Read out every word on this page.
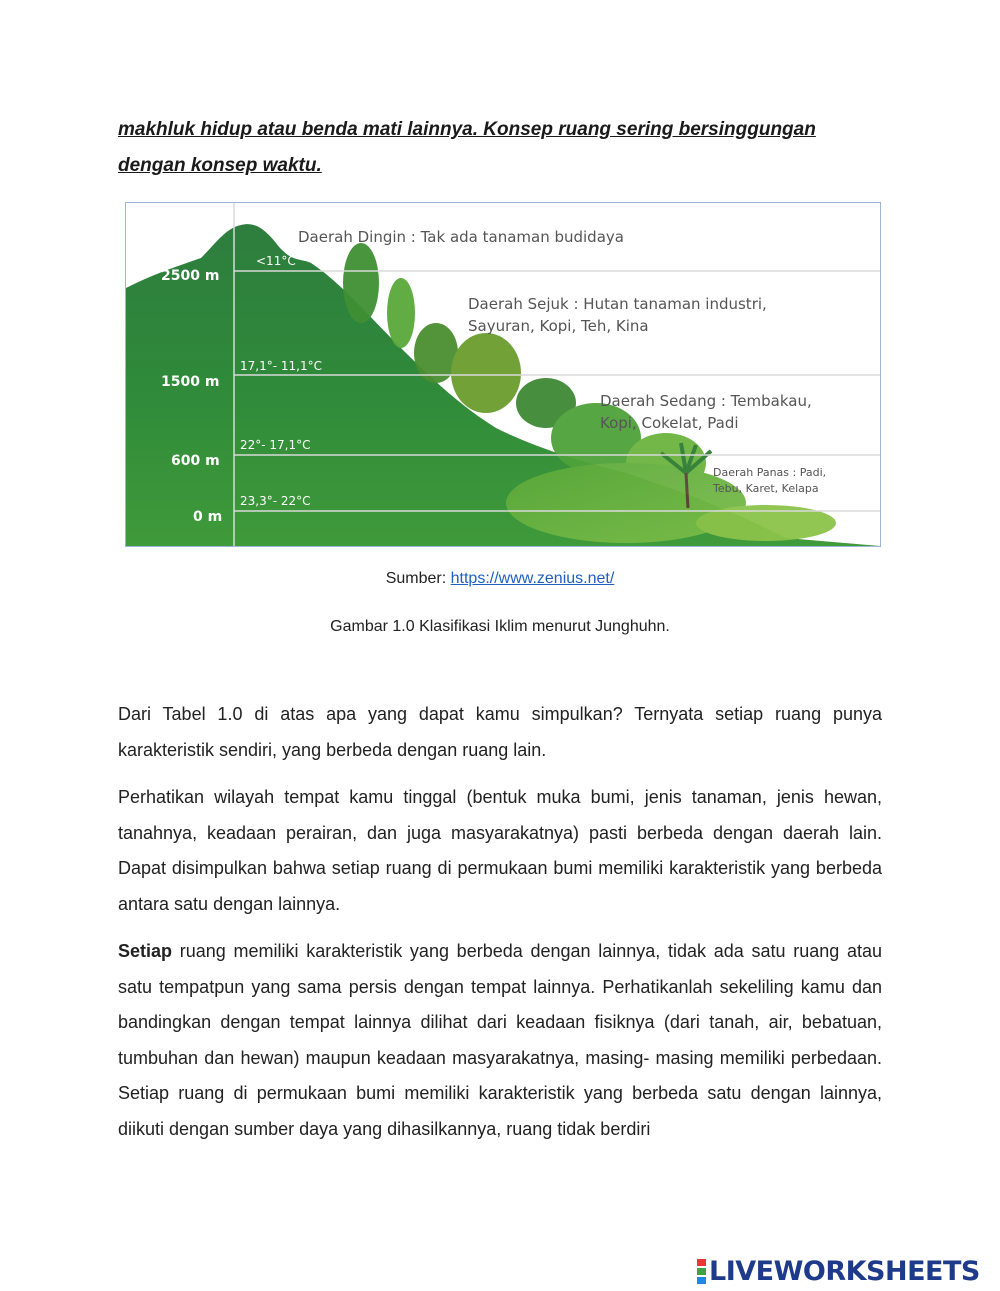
makhluk hidup atau benda mati lainnya. Konsep ruang sering bersinggungan
dengan konsep waktu.

2500 m
1500 m
600 m
0 m
<11°C
17,1°- 11,1°C
22°- 17,1°C
23,3°- 22°C
Daerah Dingin : Tak ada tanaman budidaya
Daerah Sejuk : Hutan tanaman industri,
Sayuran, Kopi, Teh, Kina
Daerah Sedang : Tembakau,
Kopi, Cokelat, Padi
Daerah Panas : Padi,
Tebu, Karet, Kelapa

Sumber: https://www.zenius.net/

Gambar 1.0 Klasifikasi Iklim menurut Junghuhn.

Dari Tabel 1.0 di atas apa yang dapat kamu simpulkan? Ternyata setiap ruang punya karakteristik sendiri, yang berbeda dengan ruang lain.

Perhatikan wilayah tempat kamu tinggal (bentuk muka bumi, jenis tanaman, jenis hewan, tanahnya, keadaan perairan, dan juga masyarakatnya) pasti berbeda dengan daerah lain. Dapat disimpulkan bahwa setiap ruang di permukaan bumi memiliki karakteristik yang berbeda antara satu dengan lainnya.

Setiap ruang memiliki karakteristik yang berbeda dengan lainnya, tidak ada satu ruang atau satu tempatpun yang sama persis dengan tempat lainnya. Perhatikanlah sekeliling kamu dan bandingkan dengan tempat lainnya dilihat dari keadaan fisiknya (dari tanah, air, bebatuan, tumbuhan dan hewan) maupun keadaan masyarakatnya, masing- masing memiliki perbedaan. Setiap ruang di permukaan bumi memiliki karakteristik yang berbeda satu dengan lainnya, diikuti dengan sumber daya yang dihasilkannya, ruang tidak berdiri

LIVEWORKSHEETS
